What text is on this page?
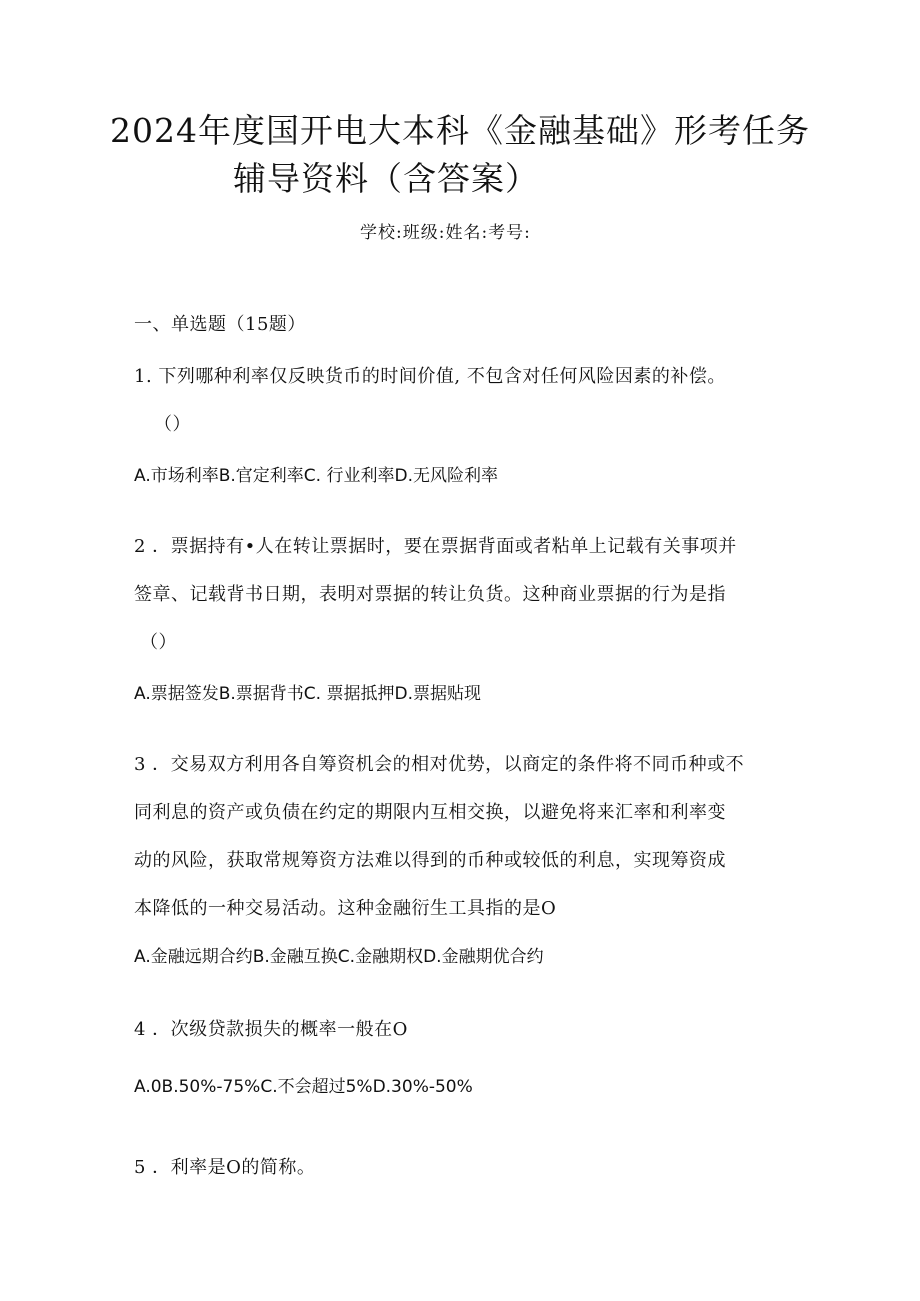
2024年度国开电大本科《金融基础》形考任务
辅导资料（含答案）
学校:班级:姓名:考号:
一、单选题（15题）
1. 下列哪种利率仅反映货币的时间价值, 不包含对任何风险因素的补偿。
（）
A.市场利率B.官定利率C. 行业利率D.无风险利率
2 ．票据持有•人在转让票据时，要在票据背面或者粘单上记载有关事项并
签章、记载背书日期，表明对票据的转让负货。这种商业票据的行为是指
（）
A.票据签发B.票据背书C. 票据抵押D.票据贴现
3 ．交易双方利用各自筹资机会的相对优势，以商定的条件将不同币种或不
同利息的资产或负债在约定的期限内互相交换，以避免将来汇率和利率变
动的风险，获取常规筹资方法难以得到的币种或较低的利息，实现筹资成
本降低的一种交易活动。这种金融衍生工具指的是O
A.金融远期合约B.金融互换C.金融期权D.金融期优合约
4 ．次级贷款损失的概率一般在O
A.0B.50%-75%C.不会超过5%D.30%-50%
5 ．利率是O的简称。
